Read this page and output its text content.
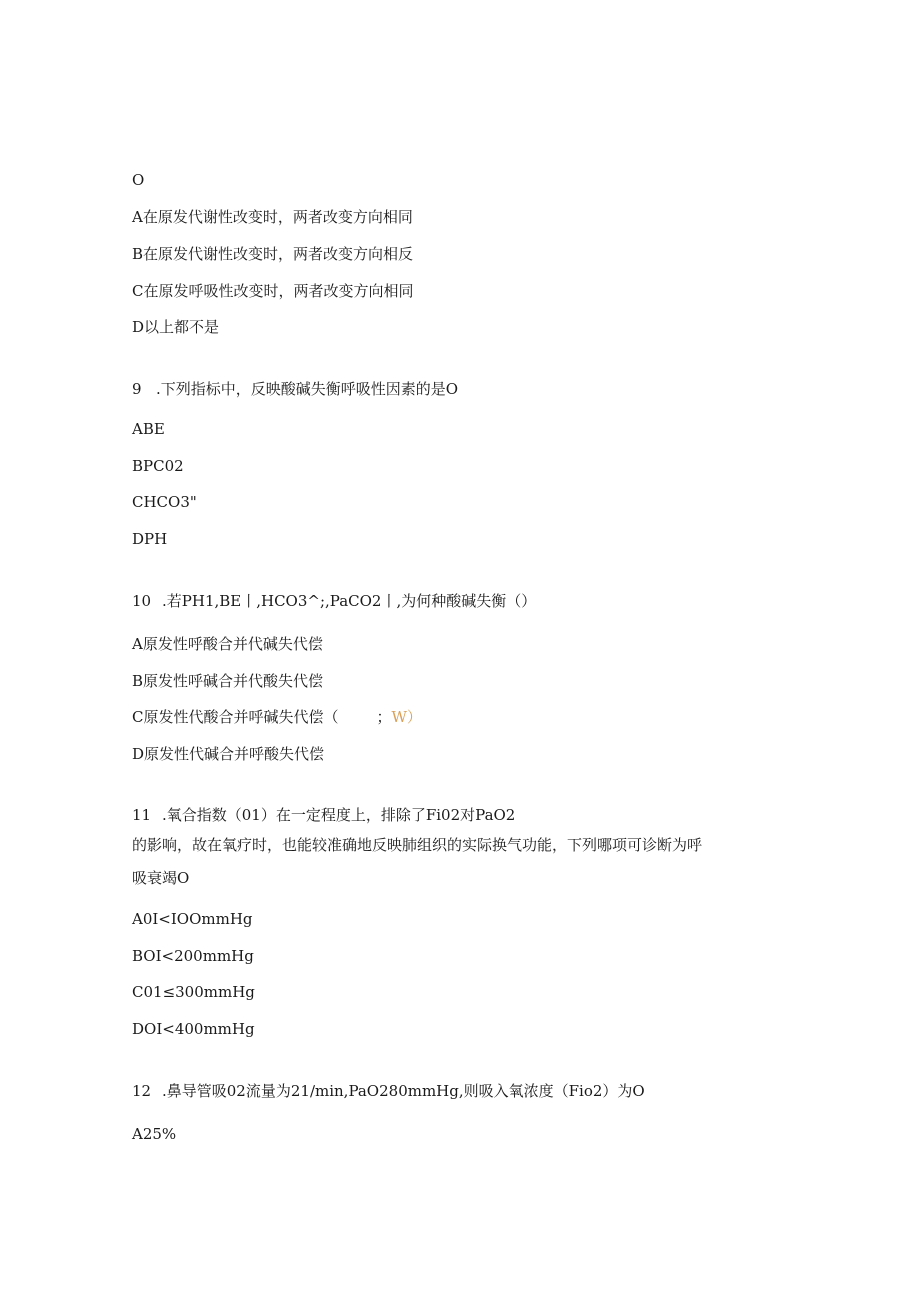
O
A在原发代谢性改变时，两者改变方向相同
B在原发代谢性改变时，两者改变方向相反
C在原发呼吸性改变时，两者改变方向相同
D以上都不是
9 .下列指标中，反映酸碱失衡呼吸性因素的是O
ABE
BPC02
CHCO3"
DPH
10 .若PH1,BE丨,HCO3^;,PaCO2丨,为何种酸碱失衡（）
A原发性呼酸合并代碱失代偿
B原发性呼碱合并代酸失代偿
C原发性代酸合并呼碱失代偿（	；W）
D原发性代碱合并呼酸失代偿
11 .氧合指数（01）在一定程度上，排除了Fi02对PaO2
的影响，故在氧疗时，也能较准确地反映肺组织的实际换气功能，下列哪项可诊断为呼
吸衰竭O
A0I<IOOmmHg
BOI<200mmHg
C01≤300mmHg
DOI<400mmHg
12 .鼻导管吸02流量为21∕min,PaO280mmHg,则吸入氧浓度（Fio2）为O
A25%
